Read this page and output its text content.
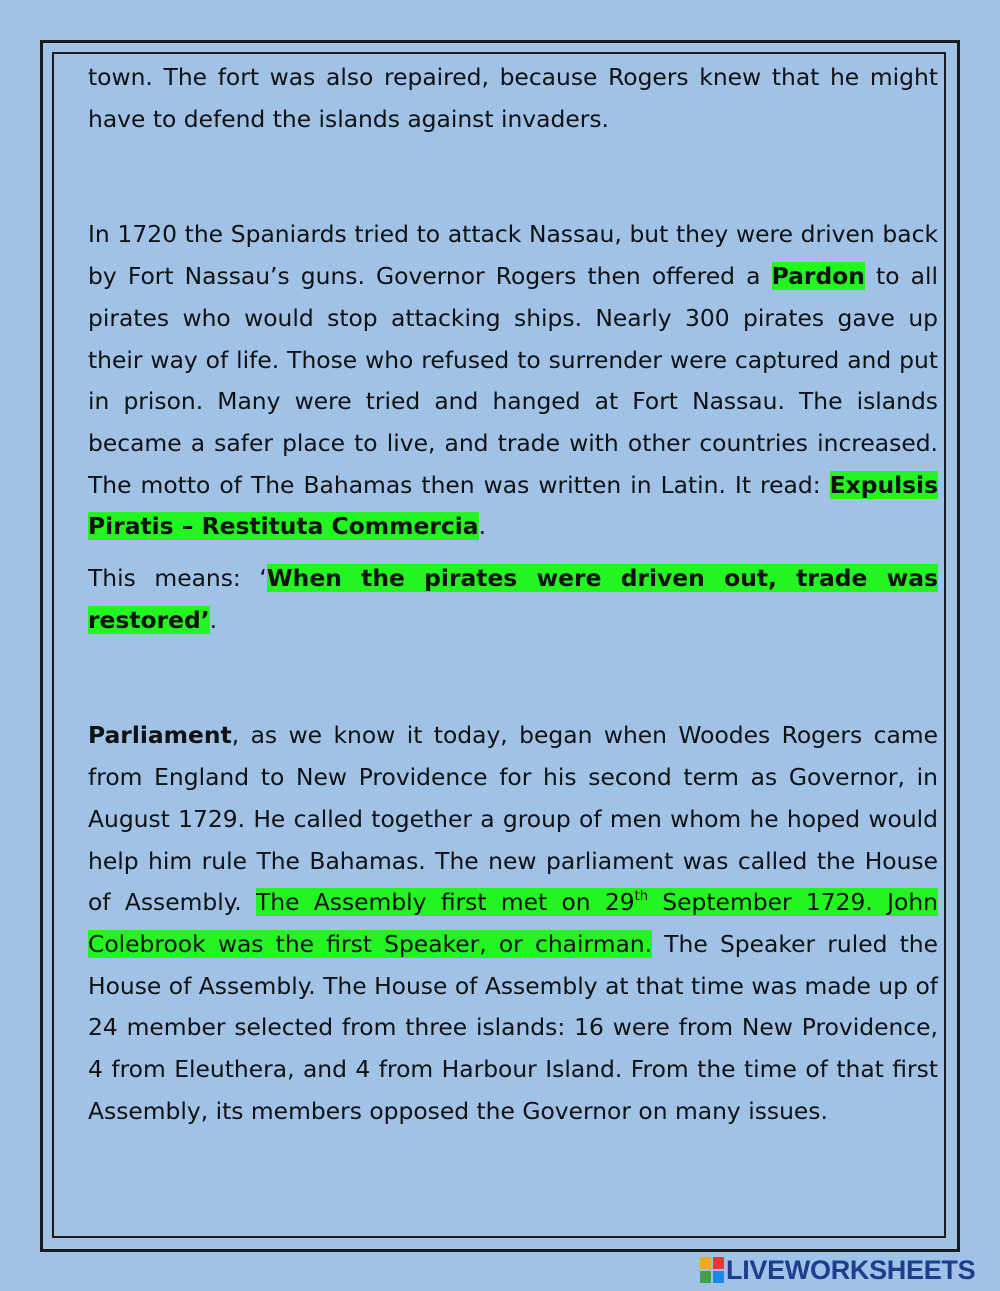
town. The fort was also repaired, because Rogers knew that he might have to defend the islands against invaders.

In 1720 the Spaniards tried to attack Nassau, but they were driven back by Fort Nassau’s guns. Governor Rogers then offered a Pardon to all pirates who would stop attacking ships. Nearly 300 pirates gave up their way of life. Those who refused to surrender were captured and put in prison. Many were tried and hanged at Fort Nassau. The islands became a safer place to live, and trade with other countries increased. The motto of The Bahamas then was written in Latin. It read: Expulsis Piratis – Restituta Commercia.

This means: ‘When the pirates were driven out, trade was restored’.

Parliament, as we know it today, began when Woodes Rogers came from England to New Providence for his second term as Governor, in August 1729. He called together a group of men whom he hoped would help him rule The Bahamas. The new parliament was called the House of Assembly. The Assembly first met on 29th September 1729. John Colebrook was the first Speaker, or chairman. The Speaker ruled the House of Assembly. The House of Assembly at that time was made up of 24 member selected from three islands: 16 were from New Providence, 4 from Eleuthera, and 4 from Harbour Island. From the time of that first Assembly, its members opposed the Governor on many issues.

LIVEWORKSHEETS
